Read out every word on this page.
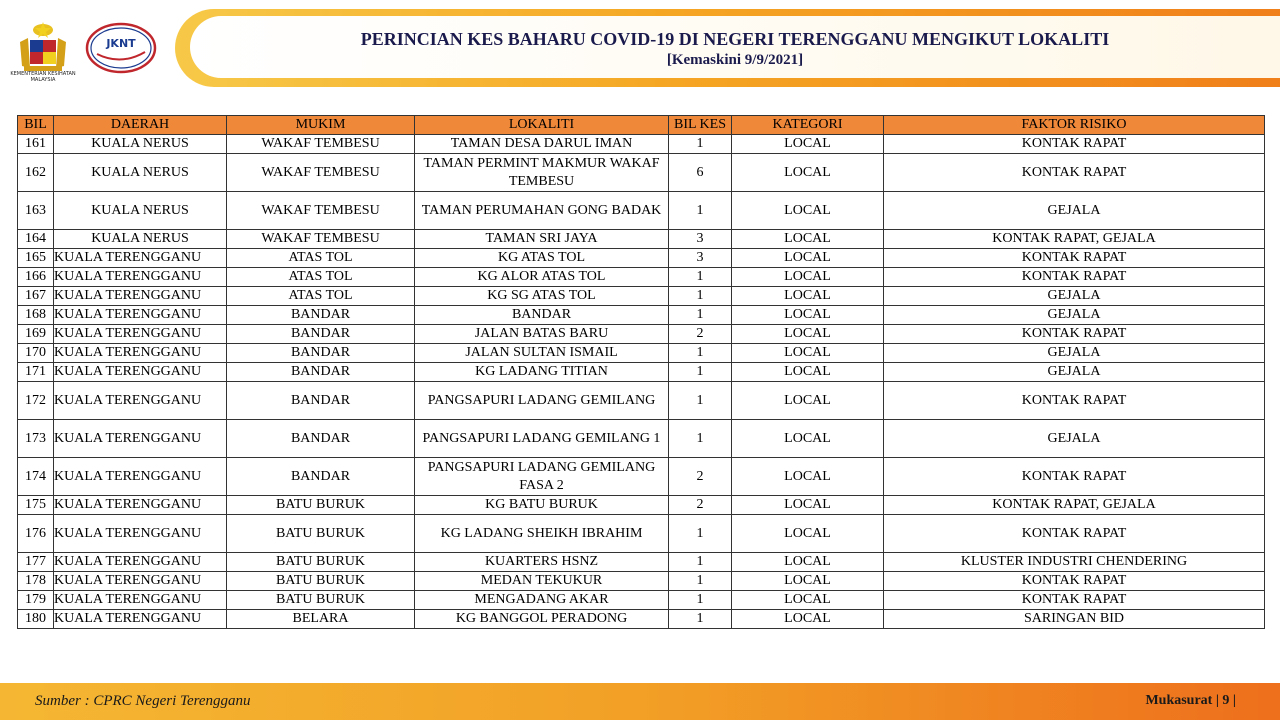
KEMENTERIAN KESIHATAN MALAYSIA
JKNT	PERINCIAN KES BAHARU COVID-19 DI NEGERI TERENGGANU MENGIKUT LOKALITI
[Kemaskini 9/9/2021]
BIL	DAERAH	MUKIM	LOKALITI	BIL KES	KATEGORI	FAKTOR RISIKO
161	KUALA NERUS	WAKAF TEMBESU	TAMAN DESA DARUL IMAN	1	LOCAL	KONTAK RAPAT
162	KUALA NERUS	WAKAF TEMBESU	TAMAN PERMINT MAKMUR WAKAF TEMBESU	6	LOCAL	KONTAK RAPAT
163	KUALA NERUS	WAKAF TEMBESU	TAMAN PERUMAHAN GONG BADAK	1	LOCAL	GEJALA
164	KUALA NERUS	WAKAF TEMBESU	TAMAN SRI JAYA	3	LOCAL	KONTAK RAPAT, GEJALA
165	KUALA TERENGGANU	ATAS TOL	KG ATAS TOL	3	LOCAL	KONTAK RAPAT
166	KUALA TERENGGANU	ATAS TOL	KG ALOR ATAS TOL	1	LOCAL	KONTAK RAPAT
167	KUALA TERENGGANU	ATAS TOL	KG SG ATAS TOL	1	LOCAL	GEJALA
168	KUALA TERENGGANU	BANDAR	BANDAR	1	LOCAL	GEJALA
169	KUALA TERENGGANU	BANDAR	JALAN BATAS BARU	2	LOCAL	KONTAK RAPAT
170	KUALA TERENGGANU	BANDAR	JALAN SULTAN ISMAIL	1	LOCAL	GEJALA
171	KUALA TERENGGANU	BANDAR	KG LADANG TITIAN	1	LOCAL	GEJALA
172	KUALA TERENGGANU	BANDAR	PANGSAPURI LADANG GEMILANG	1	LOCAL	KONTAK RAPAT
173	KUALA TERENGGANU	BANDAR	PANGSAPURI LADANG GEMILANG 1	1	LOCAL	GEJALA
174	KUALA TERENGGANU	BANDAR	PANGSAPURI LADANG GEMILANG FASA 2	2	LOCAL	KONTAK RAPAT
175	KUALA TERENGGANU	BATU BURUK	KG BATU BURUK	2	LOCAL	KONTAK RAPAT, GEJALA
176	KUALA TERENGGANU	BATU BURUK	KG LADANG SHEIKH IBRAHIM	1	LOCAL	KONTAK RAPAT
177	KUALA TERENGGANU	BATU BURUK	KUARTERS HSNZ	1	LOCAL	KLUSTER INDUSTRI CHENDERING
178	KUALA TERENGGANU	BATU BURUK	MEDAN TEKUKUR	1	LOCAL	KONTAK RAPAT
179	KUALA TERENGGANU	BATU BURUK	MENGADANG AKAR	1	LOCAL	KONTAK RAPAT
180	KUALA TERENGGANU	BELARA	KG BANGGOL PERADONG	1	LOCAL	SARINGAN BID
Sumber : CPRC Negeri Terengganu	Mukasurat | 9 |
